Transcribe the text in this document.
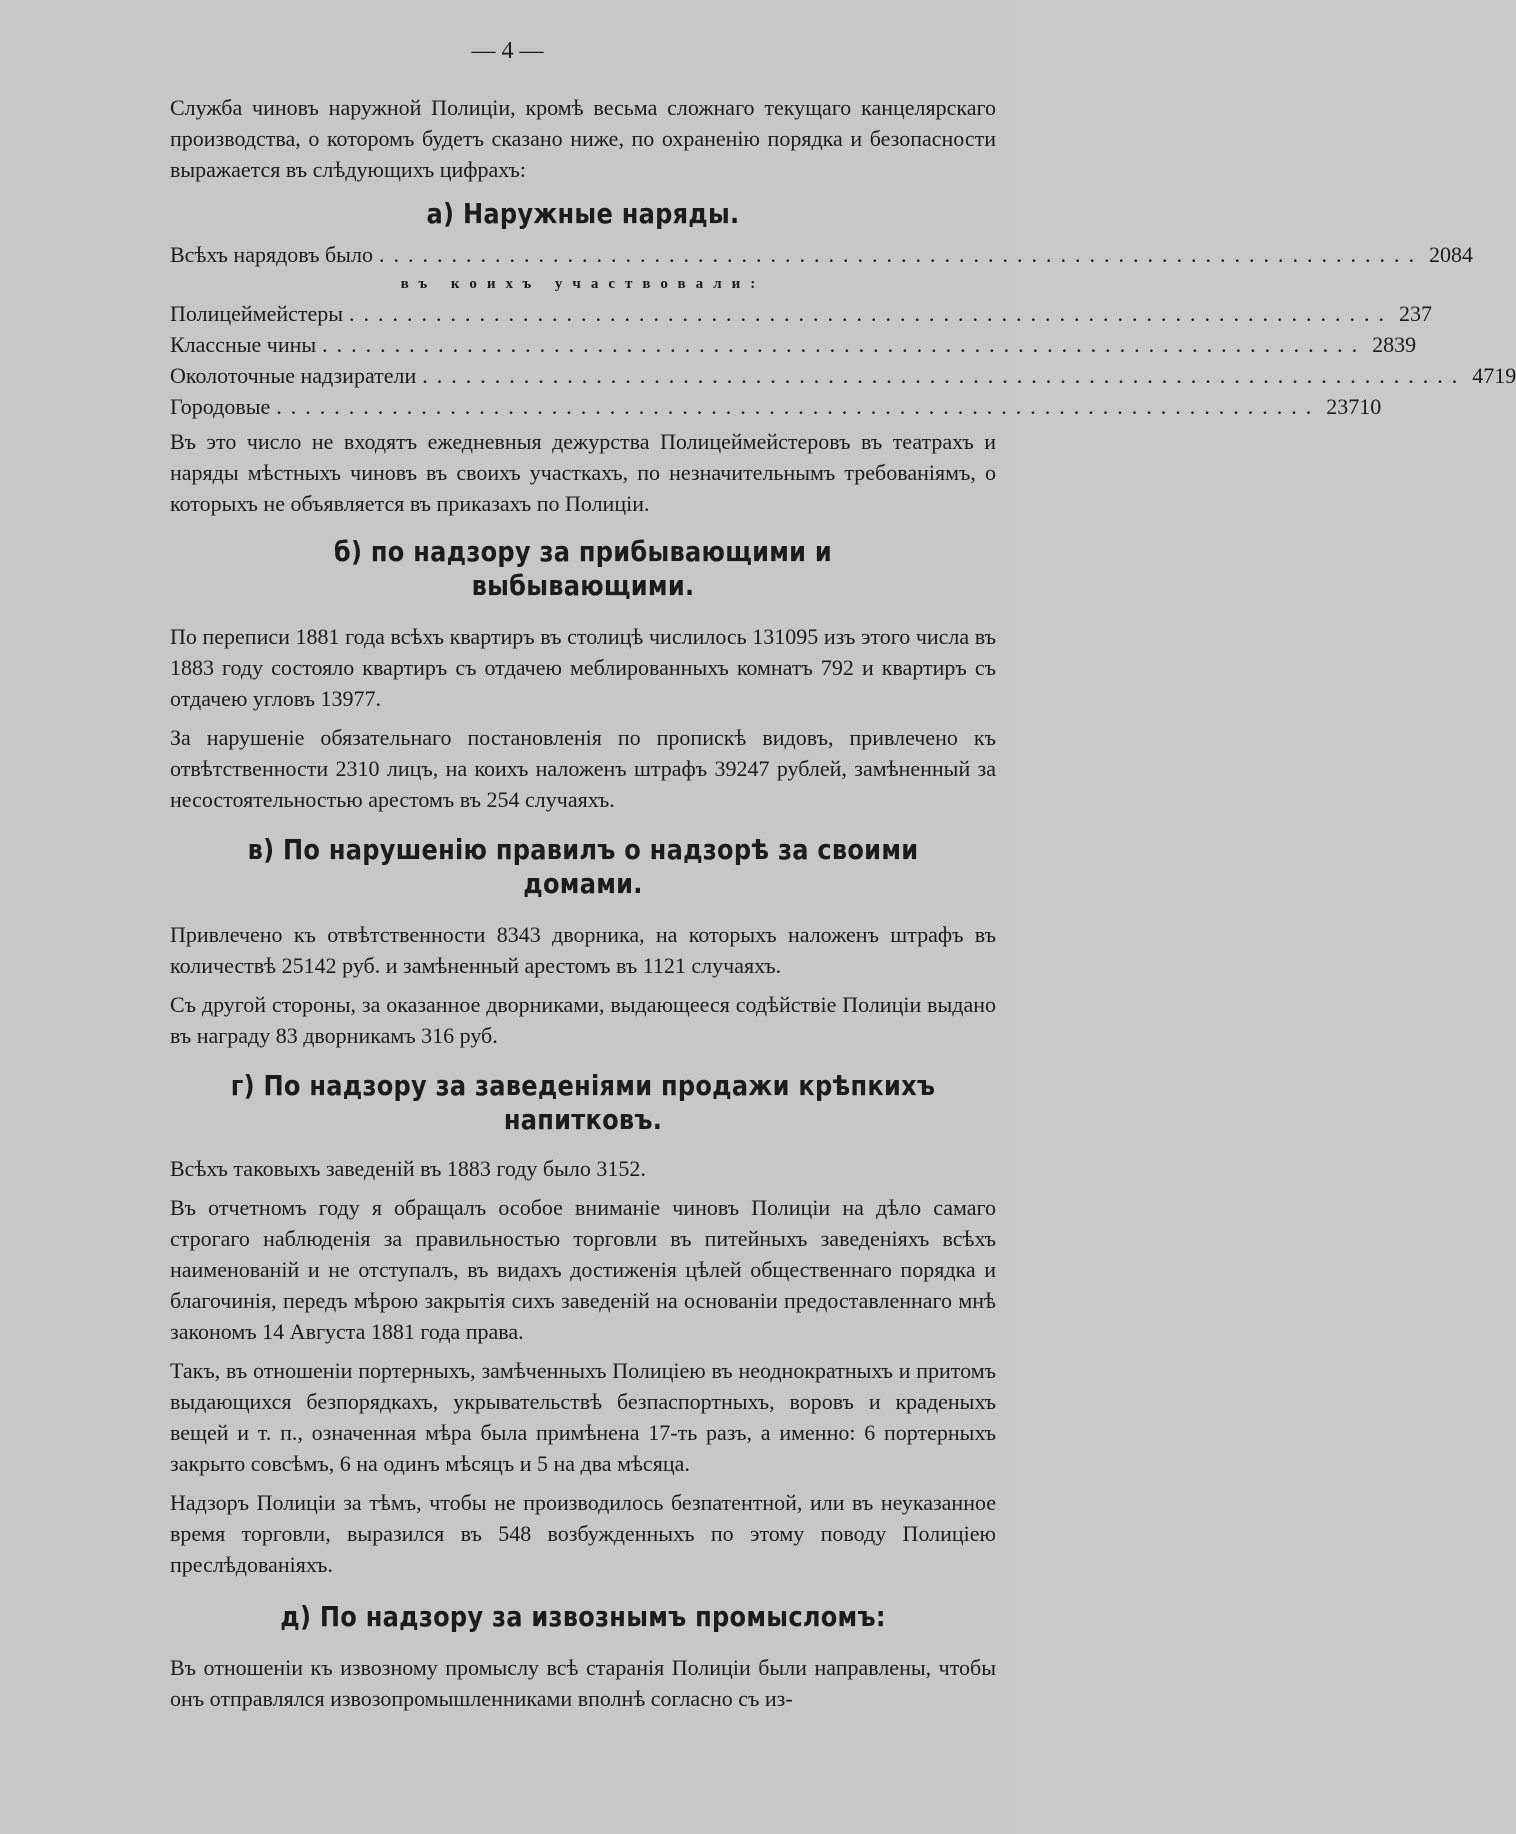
— 4 —

Служба чиновъ наружной Полиціи, кромѣ весьма сложнаго текущаго канцелярскаго производства, о которомъ будетъ сказано ниже, по охраненію порядка и безопасности выражается въ слѣдующихъ цифрахъ:

а) Наружные наряды.
Всѣхъ нарядовъ было ........................................................................ 2084
въ коихъ участвовали:
Полицеймейстеры ........................................................................ 237
Классные чины ........................................................................ 2839
Околоточные надзиратели ........................................................................ 4719
Городовые ........................................................................ 23710

Въ это число не входятъ ежедневныя дежурства Полицеймейстеровъ въ театрахъ и наряды мѣстныхъ чиновъ въ своихъ участкахъ, по незначительнымъ требованіямъ, о которыхъ не объявляется въ приказахъ по Полиціи.

б) по надзору за прибывающими и выбывающими.

По переписи 1881 года всѣхъ квартиръ въ столицѣ числилось 131095 изъ этого числа въ 1883 году состояло квартиръ съ отдачею меблированныхъ комнатъ 792 и квартиръ съ отдачею угловъ 13977.

За нарушеніе обязательнаго постановленія по пропискѣ видовъ, привлечено къ отвѣтственности 2310 лицъ, на коихъ наложенъ штрафъ 39247 рублей, замѣненный за несостоятельностью арестомъ въ 254 случаяхъ.

в) По нарушенію правилъ о надзорѣ за своими домами.

Привлечено къ отвѣтственности 8343 дворника, на которыхъ наложенъ штрафъ въ количествѣ 25142 руб. и замѣненный арестомъ въ 1121 случаяхъ.

Съ другой стороны, за оказанное дворниками, выдающееся содѣйствіе Полиціи выдано въ награду 83 дворникамъ 316 руб.

г) По надзору за заведеніями продажи крѣпкихъ напитковъ.

Всѣхъ таковыхъ заведеній въ 1883 году было 3152.

Въ отчетномъ году я обращалъ особое вниманіе чиновъ Полиціи на дѣло самаго строгаго наблюденія за правильностью торговли въ питейныхъ заведеніяхъ всѣхъ наименованій и не отступалъ, въ видахъ достиженія цѣлей общественнаго порядка и благочинія, передъ мѣрою закрытія сихъ заведеній на основаніи предоставленнаго мнѣ закономъ 14 Августа 1881 года права.

Такъ, въ отношеніи портерныхъ, замѣченныхъ Полиціею въ неоднократныхъ и притомъ выдающихся безпорядкахъ, укрывательствѣ безпаспортныхъ, воровъ и краденыхъ вещей и т. п., означенная мѣра была примѣнена 17-ть разъ, а именно: 6 портерныхъ закрыто совсѣмъ, 6 на одинъ мѣсяцъ и 5 на два мѣсяца.

Надзоръ Полиціи за тѣмъ, чтобы не производилось безпатентной, или въ неуказанное время торговли, выразился въ 548 возбужденныхъ по этому поводу Полиціею преслѣдованіяхъ.

д) По надзору за извознымъ промысломъ:

Въ отношеніи къ извозному промыслу всѣ старанія Полиціи были направлены, чтобы онъ отправлялся извозопромышленниками вполнѣ согласно съ из-
